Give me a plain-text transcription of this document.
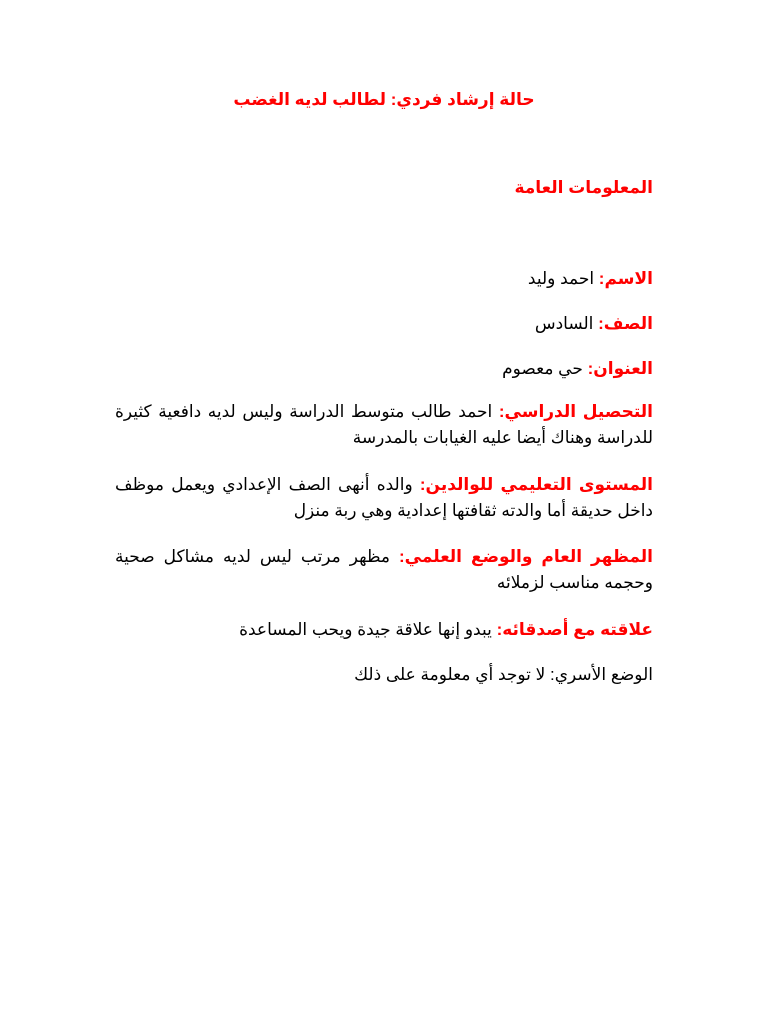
حالة إرشاد فردي: لطالب لديه الغضب
المعلومات العامة
الاسم: احمد وليد
الصف: السادس
العنوان: حي معصوم
التحصيل الدراسي: احمد طالب متوسط الدراسة وليس لديه دافعية كثيرة للدراسة وهناك أيضا عليه الغيابات بالمدرسة
المستوى التعليمي للوالدين: والده أنهى الصف الإعدادي ويعمل موظف داخل حديقة أما والدته ثقافتها إعدادية وهي ربة منزل
المظهر العام والوضع العلمي: مظهر مرتب ليس لديه مشاكل صحية وحجمه مناسب لزملائه
علاقته مع أصدقائه: يبدو إنها علاقة جيدة ويحب المساعدة
الوضع الأسري: لا توجد أي معلومة على ذلك
